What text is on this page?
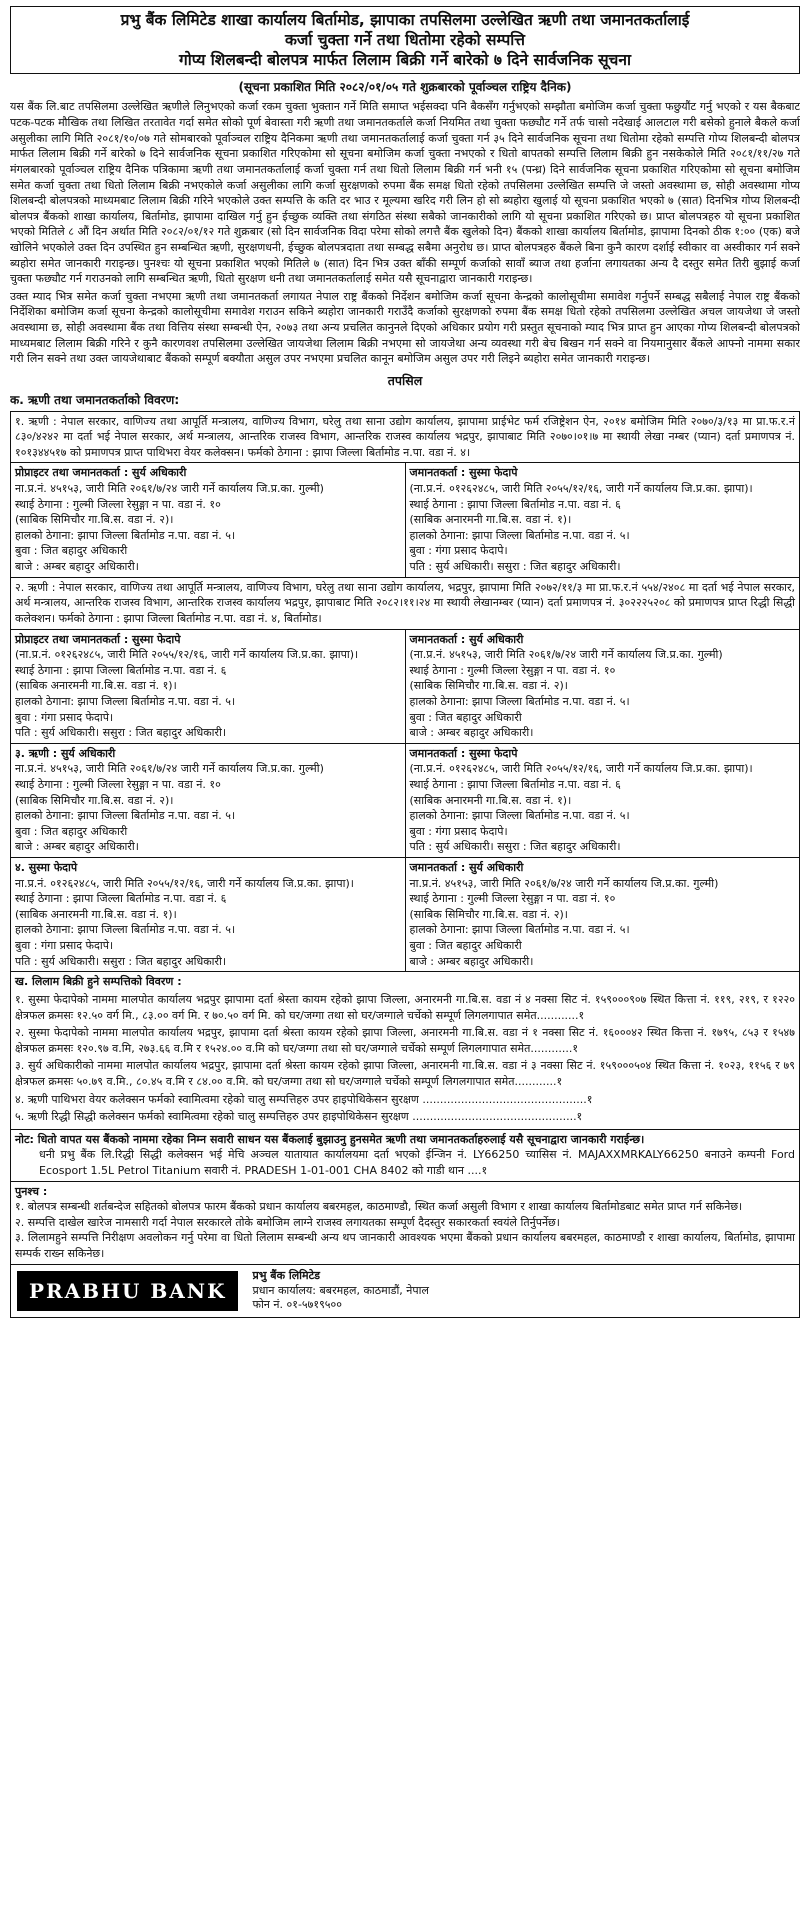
प्रभु बैंक लिमिटेड शाखा कार्यालय बिर्तामोड, झापाका तपसिलमा उल्लेखित ऋणी तथा जमानतकर्तालाई
कर्जा चुक्ता गर्ने तथा धितोमा रहेको सम्पत्ति
गोप्य शिलबन्दी बोलपत्र मार्फत लिलाम बिक्री गर्ने बारेको ७ दिने सार्वजनिक सूचना
(सूचना प्रकाशित मिति २०८२/०१/०५ गते शुक्रबारको पूर्वाञ्चल राष्ट्रिय दैनिक)
यस बैंक लि.बाट तपसिलमा उल्लेखित ऋणीले लिनुभएको कर्जा रकम चुक्ता भुक्तान गर्ने मिति समाप्त भईसक्दा पनि बैकसँग गर्नुभएको सम्झौता बमोजिम कर्जा चुक्ता फछुयौंट गर्नु भएको र यस बैकबाट पटक-पटक मौखिक तथा लिखित तरतावेत गर्दा समेत सोको पूर्ण बेवास्ता गरी ऋणी तथा जमानतकर्ताले कर्जा नियमित तथा चुक्ता फछ्यौट गर्ने तर्फ चासो नदेखाई आलटाल गरी बसेको हुनाले बैकले कर्जा असुलीका लागि मिति २०८१/१०/०७ गते सोमबारको पूर्वाञ्चल राष्ट्रिय दैनिकमा ऋणी तथा जमानतकर्तालाई कर्जा चुक्ता गर्न ३५ दिने सार्वजनिक सूचना तथा धितोमा रहेको सम्पत्ति गोप्य शिलबन्दी बोलपत्र मार्फत लिलाम बिक्री गर्ने बारेको ७ दिने सार्वजनिक सूचना प्रकाशित गरिएकोमा सो सूचना बमोजिम कर्जा चुक्ता नभएको र धितो बापतको सम्पत्ति लिलाम बिक्री हुन नसकेकोले मिति २०८१/११/२७ गते मंगलबारको पूर्वाञ्चल राष्ट्रिय दैनिक पत्रिकामा ऋणी तथा जमानतकर्तालाई कर्जा चुक्ता गर्न तथा धितो लिलाम बिक्री गर्न भनी १५ (पन्ध्र) दिने सार्वजनिक सूचना प्रकाशित गरिएकोमा सो सूचना बमोजिम समेत कर्जा चुक्ता तथा धितो लिलाम बिक्री नभएकोले कर्जा असुलीका लागि कर्जा सुरक्षणको रुपमा बैंक समक्ष धितो रहेको तपसिलमा उल्लेखित सम्पत्ति जे जस्तो अवस्थामा छ, सोही अवस्थामा गोप्य शिलबन्दी बोलपत्रको माध्यमबाट लिलाम बिक्री गरिने भएकोले उक्त सम्पत्ति के कति दर भाउ र मूल्यमा खरिद गरी लिन हो सो ब्यहोरा खुलाई यो सूचना प्रकाशित भएको ७ (सात) दिनभित्र गोप्य शिलबन्दी बोलपत्र बैंकको शाखा कार्यालय, बिर्तामोड, झापामा दाखिल गर्नु हुन ईच्छुक व्यक्ति तथा संगठित संस्था सबैको जानकारीको लागि यो सूचना प्रकाशित गरिएको छ। प्राप्त बोलपत्रहरु यो सूचना प्रकाशित भएको मितिले ८ औं दिन अर्थात मिति २०८२/०१/१२ गते शुक्रबार (सो दिन सार्वजनिक विदा परेमा सोको लगत्तै बैंक खुलेको दिन) बैंकको शाखा कार्यालय बिर्तामोड, झापामा दिनको ठीक १:०० (एक) बजे खोलिने भएकोले उक्त दिन उपस्थित हुन सम्बन्धित ऋणी, सुरक्षणधनी, ईच्छुक बोलपत्रदाता तथा सम्बद्ध सबैमा अनुरोध छ। प्राप्त बोलपत्रहरु बैंकले बिना कुनै कारण दर्शाई स्वीकार वा अस्वीकार गर्न सक्ने ब्यहोरा समेत जानकारी गराइन्छ। पुनश्चः यो सूचना प्रकाशित भएको मितिले ७ (सात) दिन भित्र उक्त बाँकी सम्पूर्ण कर्जाको सावाँ ब्याज तथा हर्जाना लगायतका अन्य दै दस्तुर समेत तिरी बुझाई कर्जा चुक्ता फछ्यौट गर्न गराउनको लागि सम्बन्धित ऋणी, धितो सुरक्षण धनी तथा जमानतकर्तालाई समेत यसै सूचनाद्वारा जानकारी गराइन्छ।
उक्त म्याद भित्र समेत कर्जा चुक्ता नभएमा ऋणी तथा जमानतकर्ता लगायत नेपाल राष्ट्र बैंकको निर्देशन बमोजिम कर्जा सूचना केन्द्रको कालोसूचीमा समावेश गर्नुपर्ने सम्बद्ध सबैलाई नेपाल राष्ट्र बैंकको निर्देशिका बमोजिम कर्जा सूचना केन्द्रको कालोसूचीमा समावेश गराउन सकिने ब्यहोरा जानकारी गराउँदै कर्जाको सुरक्षणको रुपमा बैंक समक्ष धितो रहेको तपसिलमा उल्लेखित अचल जायजेथा जे जस्तो अवस्थामा छ, सोही अवस्थामा बैंक तथा वित्तिय संस्था सम्बन्धी ऐन, २०७३ तथा अन्य प्रचलित कानुनले दिएको अधिकार प्रयोग गरी प्रस्तुत सूचनाको म्याद भित्र प्राप्त हुन आएका गोप्य शिलबन्दी बोलपत्रको माध्यमबाट लिलाम बिक्री गरिने र कुनै कारणवश तपसिलमा उल्लेखित जायजेथा लिलाम बिक्री नभएमा सो जायजेथा अन्य व्यवस्था गरी बेच बिखन गर्न सक्ने वा नियमानुसार बैंकले आफ्नो नाममा सकार गरी लिन सक्ने तथा उक्त जायजेथाबाट बैंकको सम्पूर्ण बक्यौता असुल उपर नभएमा प्रचलित कानून बमोजिम असुल उपर गरी लिइने ब्यहोरा समेत जानकारी गराइन्छ।
तपसिल
क. ऋणी तथा जमानतकर्ताको विवरण:
१. ऋणी : नेपाल सरकार, वाणिज्य तथा आपूर्ति मन्त्रालय, वाणिज्य विभाग, घरेलु तथा साना उद्योग कार्यालय, झापामा प्राईभेट फर्म रजिष्ट्रेशन ऐन, २०१४ बमोजिम मिति २०७०/३/१३ मा प्रा.फ.र.नं ८३०/४२४२ मा दर्ता भई नेपाल सरकार, अर्थ मन्त्रालय, आन्तरिक राजस्व विभाग, आन्तरिक राजस्व कार्यालय भद्रपुर, झापाबाट मिति २०७०।०१।७ मा स्थायी लेखा नम्बर (प्यान) दर्ता प्रमाणपत्र नं. १०१३४४५१७ को प्रमाणपत्र प्राप्त पाथिभरा वेयर कलेक्सन। फर्मको ठेगाना : झापा जिल्ला बिर्तामोड न.पा. वडा नं. ४।
प्रोप्राइटर तथा जमानतकर्ता : सुर्य अधिकारी
ना.प्र.नं. ४५१५३, जारी मिति २०६१/७/२४ जारी गर्ने कार्यालय जि.प्र.का. गुल्मी)
स्थाई ठेगाना : गुल्मी जिल्ला रेसुङ्गा न पा. वडा नं. १०
(साबिक सिमिचौर गा.बि.स. वडा नं. २)।
हालको ठेगाना: झापा जिल्ला बिर्तामोड न.पा. वडा नं. ५।
बुवा : जित बहादुर अधिकारी
बाजे : अम्बर बहादुर अधिकारी।
जमानतकर्ता : सुस्मा फेदापे
(ना.प्र.नं. ०१२६२४८५, जारी मिति २०५५/१२/१६, जारी गर्ने कार्यालय जि.प्र.का. झापा)।
स्थाई ठेगाना : झापा जिल्ला बिर्तामोड न.पा. वडा नं. ६
(साबिक अनारमनी गा.बि.स. वडा नं. १)।
हालको ठेगाना: झापा जिल्ला बिर्तामोड न.पा. वडा नं. ५।
बुवा : गंगा प्रसाद फेदापे।
पति : सुर्य अधिकारी। ससुरा : जित बहादुर अधिकारी।
२. ऋणी : नेपाल सरकार, वाणिज्य तथा आपूर्ति मन्त्रालय, वाणिज्य विभाग, घरेलु तथा साना उद्योग कार्यालय, भद्रपुर, झापामा मिति २०७२/११/३ मा प्रा.फ.र.नं ५५४/२४०८ मा दर्ता भई नेपाल सरकार, अर्थ मन्त्रालय, आन्तरिक राजस्व विभाग, आन्तरिक राजस्व कार्यालय भद्रपुर, झापाबाट मिति २०८२।११।२४ मा स्थायी लेखानम्बर (प्यान) दर्ता प्रमाणपत्र नं. ३०२२२५२०८ को प्रमाणपत्र प्राप्त रिद्धी सिद्धी कलेक्शन। फर्मको ठेगाना : झापा जिल्ला बिर्तामोड न.पा. वडा नं. ४, बिर्तामोड।
प्रोप्राइटर तथा जमानतकर्ता : सुस्मा फेदापे
(ना.प्र.नं. ०१२६२४८५, जारी मिति २०५५/१२/१६, जारी गर्ने कार्यालय जि.प्र.का. झापा)।
स्थाई ठेगाना : झापा जिल्ला बिर्तामोड न.पा. वडा नं. ६
(साबिक अनारमनी गा.बि.स. वडा नं. १)।
हालको ठेगाना: झापा जिल्ला बिर्तामोड न.पा. वडा नं. ५।
बुवा : गंगा प्रसाद फेदापे।
पति : सुर्य अधिकारी। ससुरा : जित बहादुर अधिकारी।
जमानतकर्ता : सुर्य अधिकारी
(ना.प्र.नं. ४५१५३, जारी मिति २०६१/७/२४ जारी गर्ने कार्यालय जि.प्र.का. गुल्मी)
स्थाई ठेगाना : गुल्मी जिल्ला रेसुङ्गा न पा. वडा नं. १०
(साबिक सिमिचौर गा.बि.स. वडा नं. २)।
हालको ठेगाना: झापा जिल्ला बिर्तामोड न.पा. वडा नं. ५।
बुवा : जित बहादुर अधिकारी
बाजे : अम्बर बहादुर अधिकारी।
३. ऋणी : सुर्य अधिकारी
ना.प्र.नं. ४५१५३, जारी मिति २०६१/७/२४ जारी गर्ने कार्यालय जि.प्र.का. गुल्मी)
स्थाई ठेगाना : गुल्मी जिल्ला रेसुङ्गा न पा. वडा नं. १०
(साबिक सिमिचौर गा.बि.स. वडा नं. २)।
हालको ठेगाना: झापा जिल्ला बिर्तामोड न.पा. वडा नं. ५।
बुवा : जित बहादुर अधिकारी
बाजे : अम्बर बहादुर अधिकारी।
जमानतकर्ता : सुस्मा फेदापे
(ना.प्र.नं. ०१२६२४८५, जारी मिति २०५५/१२/१६, जारी गर्ने कार्यालय जि.प्र.का. झापा)।
स्थाई ठेगाना : झापा जिल्ला बिर्तामोड न.पा. वडा नं. ६
(साबिक अनारमनी गा.बि.स. वडा नं. १)।
हालको ठेगाना: झापा जिल्ला बिर्तामोड न.पा. वडा नं. ५।
बुवा : गंगा प्रसाद फेदापे।
पति : सुर्य अधिकारी। ससुरा : जित बहादुर अधिकारी।
४. सुस्मा फेदापे
ना.प्र.नं. ०१२६२४८५, जारी मिति २०५५/१२/१६, जारी गर्ने कार्यालय जि.प्र.का. झापा)।
स्थाई ठेगाना : झापा जिल्ला बिर्तामोड न.पा. वडा नं. ६
(साबिक अनारमनी गा.बि.स. वडा नं. १)।
हालको ठेगाना: झापा जिल्ला बिर्तामोड न.पा. वडा नं. ५।
बुवा : गंगा प्रसाद फेदापे।
पति : सुर्य अधिकारी। ससुरा : जित बहादुर अधिकारी।
जमानतकर्ता : सुर्य अधिकारी
ना.प्र.नं. ४५१५३, जारी मिति २०६१/७/२४ जारी गर्ने कार्यालय जि.प्र.का. गुल्मी)
स्थाई ठेगाना : गुल्मी जिल्ला रेसुङ्गा न पा. वडा नं. १०
(साबिक सिमिचौर गा.बि.स. वडा नं. २)।
हालको ठेगाना: झापा जिल्ला बिर्तामोड न.पा. वडा नं. ५।
बुवा : जित बहादुर अधिकारी
बाजे : अम्बर बहादुर अधिकारी।
ख. लिलाम बिक्री हुने सम्पत्तिको विवरण :
१. सुस्मा फेदापेको नाममा मालपोत कार्यालय भद्रपुर झापामा दर्ता श्रेस्ता कायम रहेको झापा जिल्ला, अनारमनी गा.बि.स. वडा नं ४ नक्सा सिट नं. १५९०००९०७ स्थित कित्ता नं. ११९, २१९, र १२२० क्षेत्रफल क्रमसः १२.५० वर्ग मि., ८३.०० वर्ग मि. र ७०.५० वर्ग मि. को घर/जग्गा तथा सो घर/जग्गाले चर्चेको सम्पूर्ण लिगलगापात समेत............१
२. सुस्मा फेदापेको नाममा मालपोत कार्यालय भद्रपुर, झापामा दर्ता श्रेस्ता कायम रहेको झापा जिल्ला, अनारमनी गा.बि.स. वडा नं १ नक्सा सिट नं. १६०००४२ स्थित कित्ता नं. १७९५, ८५३ र १५४७ क्षेत्रफल क्रमसः १२०.९७ व.मि, २७३.६६ व.मि र १५२४.०० व.मि को घर/जग्गा तथा सो घर/जग्गाले चर्चेको सम्पूर्ण लिगलगापात समेत............१
३. सुर्य अधिकारीको नाममा मालपोत कार्यालय भद्रपुर, झापामा दर्ता श्रेस्ता कायम रहेको झापा जिल्ला, अनारमनी गा.बि.स. वडा नं ३ नक्सा सिट नं. १५९०००५०४ स्थित कित्ता नं. १०२३, ११५६ र ७९ क्षेत्रफल क्रमसः ५०.७९ व.मि., ८०.४५ व.मि र ८४.०० व.मि. को घर/जग्गा तथा सो घर/जग्गाले चर्चेको सम्पूर्ण लिगलगापात समेत............१
४. ऋणी पाथिभरा वेयर कलेक्सन फर्मको स्वामित्वमा रहेको चालु सम्पत्तिहरु उपर हाइपोथिकेसन सुरक्षण ...............................................१
५. ऋणी रिद्धी सिद्धी कलेक्सन फर्मको स्वामित्वमा रहेको चालु सम्पत्तिहरु उपर हाइपोथिकेसन सुरक्षण ...............................................१
नोट: धितो वापत यस बैंकको नाममा रहेका निम्न सवारी साधन यस बैंकलाई बुझाउनु हुनसमेत ऋणी तथा जमानतकर्ताहरुलाई यसै सूचनाद्वारा जानकारी गराईन्छ।
धनी प्रभु बैंक लि.रिद्धी सिद्धी कलेक्सन भई मेचि अञ्चल यातायात कार्यालयमा दर्ता भएको ईन्जिन नं. LY66250 च्यासिस नं. MAJAXXMRKALY66250 बनाउने कम्पनी Ford Ecosport 1.5L Petrol Titanium सवारी नं. PRADESH 1-01-001 CHA 8402 को गाडी थान ....१
पुनश्च :
१. बोलपत्र सम्बन्धी शर्तबन्देज सहितको बोलपत्र फारम बैंकको प्रधान कार्यालय बबरमहल, काठमाण्डौ, स्थित कर्जा असुली विभाग र शाखा कार्यालय बिर्तामोडबाट समेत प्राप्त गर्न सकिनेछ।
२. सम्पत्ति दाखेल खारेज नामसारी गर्दा नेपाल सरकारले तोके बमोजिम लाग्ने राजस्व लगायतका सम्पूर्ण दैदस्तुर सकारकर्ता स्वयंले तिर्नुपर्नेछ।
३. लिलामहुने सम्पत्ति निरीक्षण अवलोकन गर्नु परेमा वा धितो लिलाम सम्बन्धी अन्य थप जानकारी आवश्यक भएमा बैंकको प्रधान कार्यालय बबरमहल, काठमाण्डौ र शाखा कार्यालय, बिर्तामोड, झापामा सम्पर्क राख्न सकिनेछ।
PRABHU BANK
प्रभु बैंक लिमिटेड
प्रधान कार्यालय: बबरमहल, काठमाडौं, नेपाल
फोन नं. ०१-५७१९५००
